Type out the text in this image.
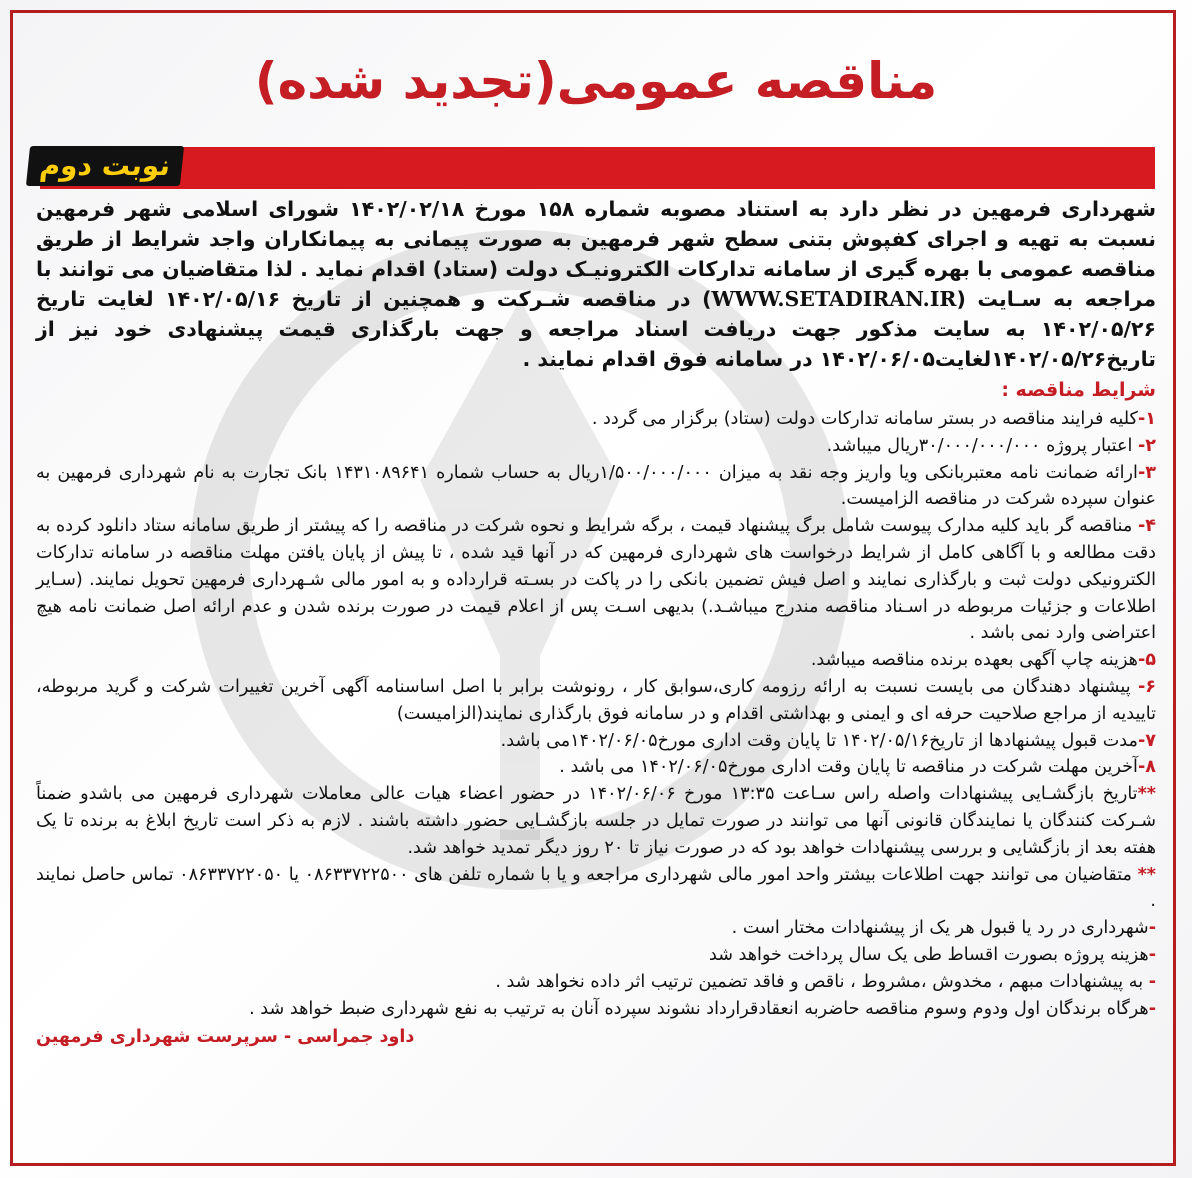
مناقصه عمومی(تجدید شده)
نوبت دوم

شهرداری فرمهین در نظر دارد به استناد مصوبه شماره ۱۵۸ مورخ ۱۴۰۲/۰۲/۱۸ شورای اسلامی شهر فرمهین نسبت به تهیه و اجرای کفپوش بتنی سطح شهر فرمهین به صورت پیمانی به پیمانکاران واجد شرایط از طریق مناقصه عمومی با بهره گیری از سامانه تدارکات الکترونیـک دولت (ستاد) اقدام نماید . لذا متقاضیان می توانند با مراجعه به سـایت (WWW.SETADIRAN.IR) در مناقصه شـرکت و همچنین از تاریخ ۱۴۰۲/۰۵/۱۶ لغایت تاریخ ۱۴۰۲/۰۵/۲۶ به سایت مذکور جهت دریافت اسناد مراجعه و جهت بارگذاری قیمت پیشنهادی خود نیز از تاریخ۱۴۰۲/۰۵/۲۶لغایت۱۴۰۲/۰۶/۰۵ در سامانه فوق اقدام نمایند .

شرایط مناقصه :

۱-کلیه فرایند مناقصه در بستر سامانه تدارکات دولت (ستاد) برگزار می گردد .

۲- اعتبار پروژه ۳۰/۰۰۰/۰۰۰/۰۰۰ریال میباشد.

۳-ارائه ضمانت نامه معتبربانکی ویا واریز وجه نقد به میزان ۱/۵۰۰/۰۰۰/۰۰۰ریال به حساب شماره ۱۴۳۱۰۸۹۶۴۱ بانک تجارت به نام شهرداری فرمهین به عنوان سپرده شرکت در مناقصه الزامیست.

۴- مناقصه گر باید کلیه مدارک پیوست شامل برگ پیشنهاد قیمت ، برگه شرایط و نحوه شرکت در مناقصه را که پیشتر از طریق سامانه ستاد دانلود کرده به دقت مطالعه و با آگاهی کامل از شرایط درخواست های شهرداری فرمهین که در آنها قید شده ، تا پیش از پایان یافتن مهلت مناقصه در سامانه تدارکات الکترونیکی دولت ثبت و بارگذاری نمایند و اصل فیش تضمین بانکی را در پاکت در بسـته قرارداده و به امور مالی شـهرداری فرمهین تحویل نمایند. (سـایر اطلاعات و جزئیات مربوطه در اسـناد مناقصه مندرج میباشـد.) بدیهی اسـت پس از اعلام قیمت در صورت برنده شدن و عدم ارائه اصل ضمانت نامه هیچ اعتراضی وارد نمی باشد .

۵-هزینه چاپ آگهی بعهده برنده مناقصه میباشد.

۶- پیشنهاد دهندگان می بایست نسبت به ارائه رزومه کاری،سوابق کار ، رونوشت برابر با اصل اساسنامه آگهی آخرین تغییرات شرکت و گرید مربوطه، تاییدیه از مراجع صلاحیت حرفه ای و ایمنی و بهداشتی اقدام و در سامانه فوق بارگذاری نمایند(الزامیست)

۷-مدت قبول پیشنهادها از تاریخ۱۴۰۲/۰۵/۱۶ تا پایان وقت اداری مورخ۱۴۰۲/۰۶/۰۵می باشد.

۸-آخرین مهلت شرکت در مناقصه تا پایان وقت اداری مورخ۱۴۰۲/۰۶/۰۵ می باشد .

**تاریخ بازگشـایی پیشنهادات واصله راس سـاعت ۱۳:۳۵ مورخ ۱۴۰۲/۰۶/۰۶ در حضور اعضاء هیات عالی معاملات شهرداری فرمهین می باشدو ضمناً شـرکت کنندگان یا نمایندگان قانونی آنها می توانند در صورت تمایل در جلسه بازگشـایی حضور داشته باشند . لازم به ذکر است تاریخ ابلاغ به برنده تا یک هفته بعد از بازگشایی و بررسی پیشنهادات خواهد بود که در صورت نیاز تا ۲۰ روز دیگر تمدید خواهد شد.

** متقاضیان می توانند جهت اطلاعات بیشتر واحد امور مالی شهرداری مراجعه و یا با شماره تلفن های ۰۸۶۳۳۷۲۲۵۰۰ یا ۰۸۶۳۳۷۲۲۰۵۰ تماس حاصل نمایند .

-شهرداری در رد یا قبول هر یک از پیشنهادات مختار است .

-هزینه پروژه بصورت اقساط طی یک سال پرداخت خواهد شد

- به پیشنهادات مبهم ، مخدوش ،مشروط ، ناقص و فاقد تضمین ترتیب اثر داده نخواهد شد .

-هرگاه برندگان اول ودوم وسوم مناقصه حاضربه انعقادقرارداد نشوند سپرده آنان به ترتیب به نفع شهرداری ضبط خواهد شد .

داود جمراسی - سرپرست شهرداری فرمهین
